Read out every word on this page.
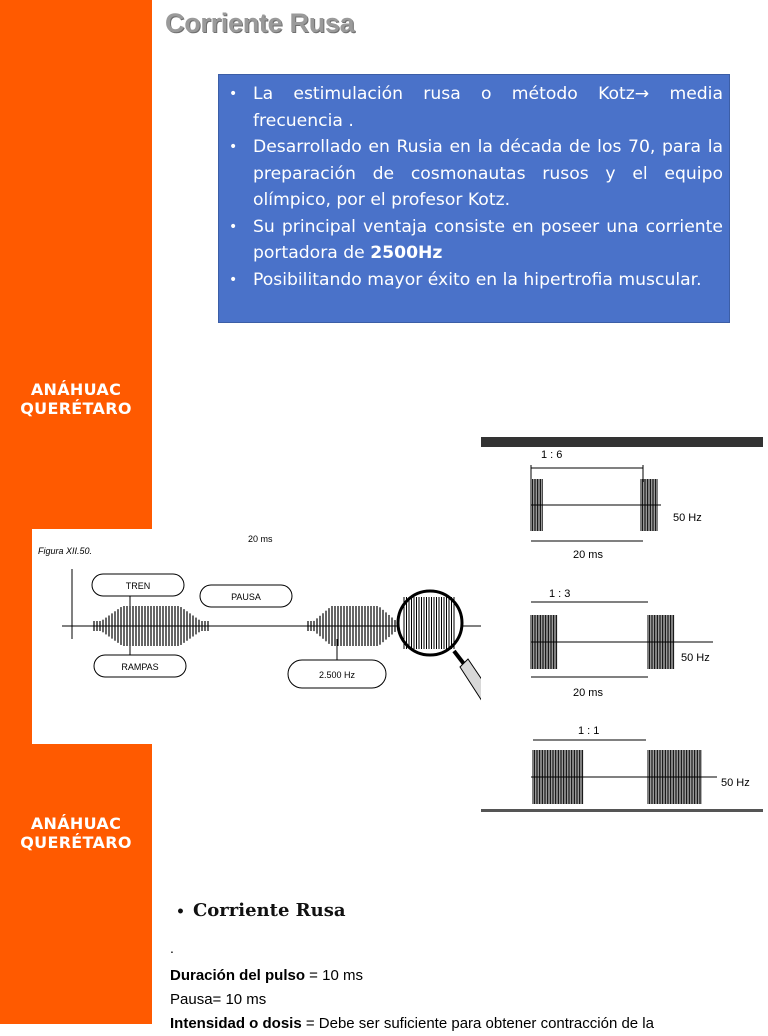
ANÁHUAC
QUERÉTARO
ANÁHUAC
QUERÉTARO
Corriente Rusa
• La estimulación rusa o método Kotz→ media frecuencia .
• Desarrollado en Rusia en la década de los 70, para la preparación de cosmonautas rusos y el equipo olímpico, por el profesor Kotz.
• Su principal ventaja consiste en poseer una corriente portadora de 2500Hz
• Posibilitando mayor éxito en la hipertrofia muscular.
Figura XII.50.
20 ms
TREN
PAUSA
RAMPAS
2.500 Hz
1 : 6
50 Hz
20 ms
1 : 3
50 Hz
20 ms
1 : 1
50 Hz
• Corriente Rusa
.
Duración del pulso = 10 ms
Pausa= 10 ms
Intensidad o dosis = Debe ser suficiente para obtener contracción de la
